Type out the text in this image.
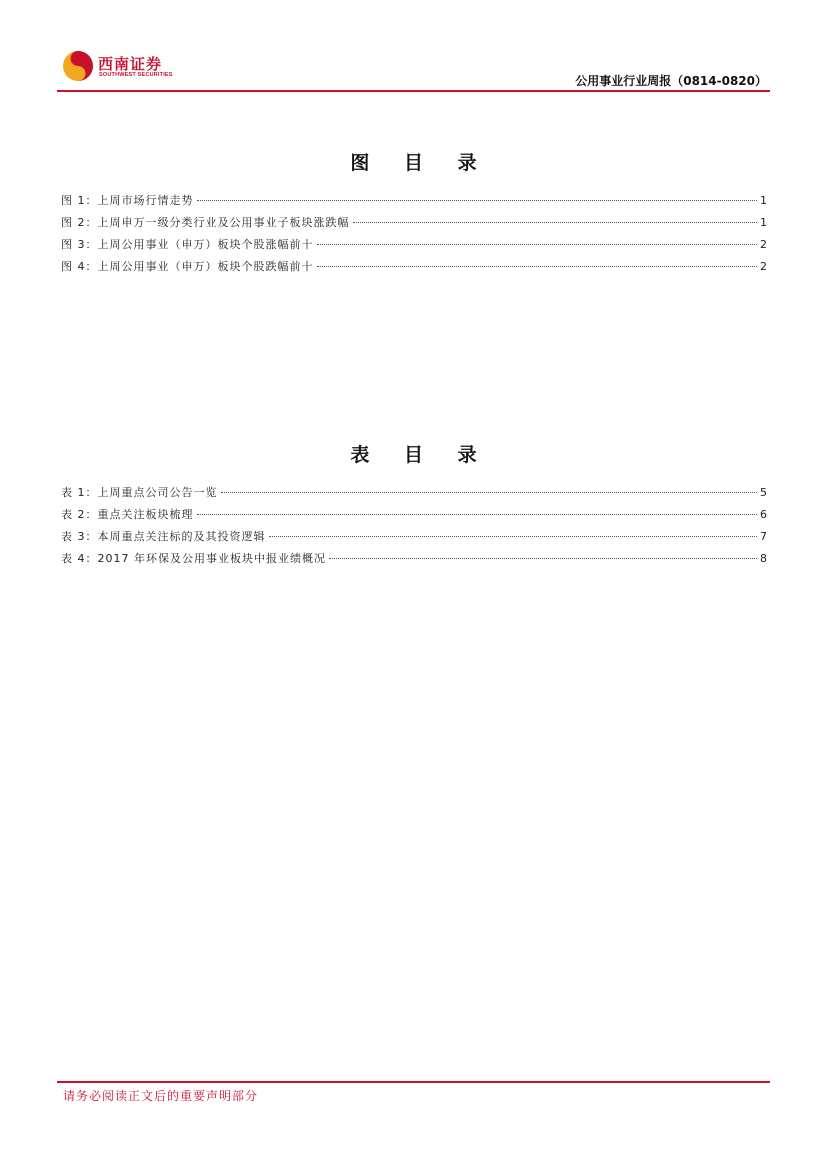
西南证券
SOUTHWEST SECURITIES	公用事业行业周报（0814-0820）
图 目 录
图 1：上周市场行情走势	1
图 2：上周申万一级分类行业及公用事业子板块涨跌幅	1
图 3：上周公用事业（申万）板块个股涨幅前十	2
图 4：上周公用事业（申万）板块个股跌幅前十	2
表 目 录
表 1：上周重点公司公告一览	5
表 2：重点关注板块梳理	6
表 3：本周重点关注标的及其投资逻辑	7
表 4：2017 年环保及公用事业板块中报业绩概况	8
请务必阅读正文后的重要声明部分
